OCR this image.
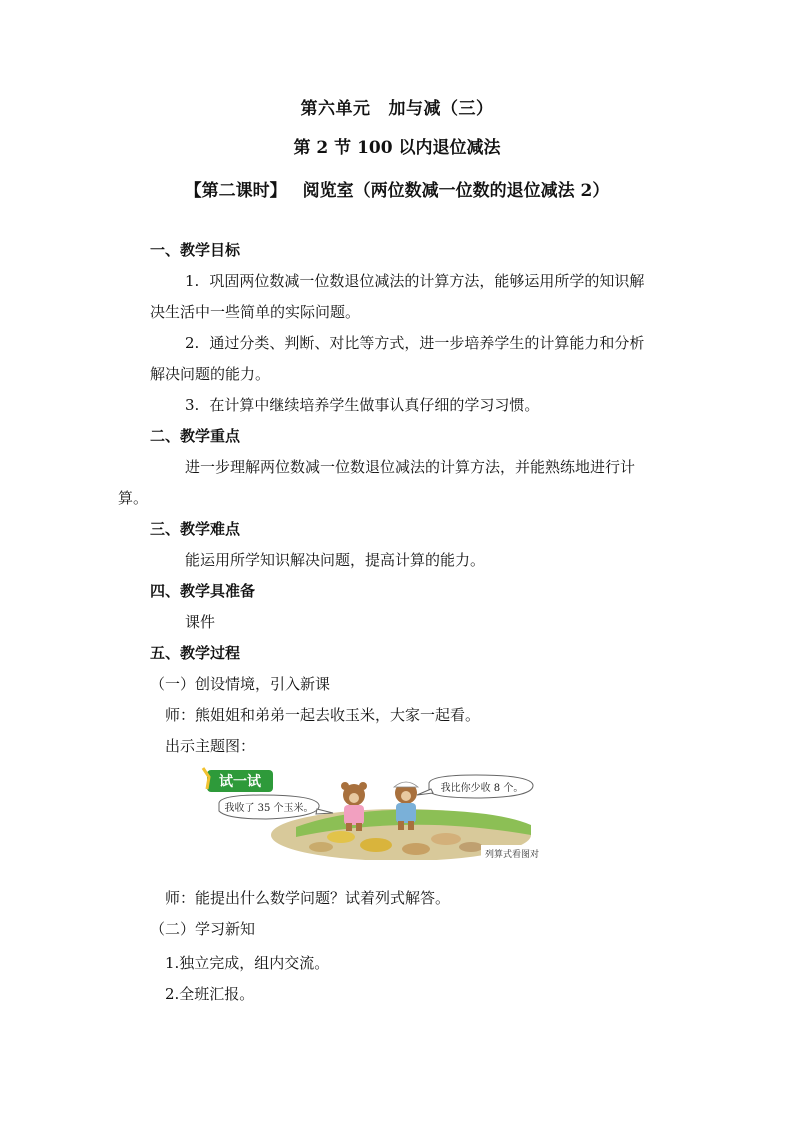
第六单元 加与减（三）
第 2 节 100 以内退位减法
【第二课时】 阅览室（两位数减一位数的退位减法 2）
一、教学目标
1. 巩固两位数减一位数退位减法的计算方法，能够运用所学的知识解
决生活中一些简单的实际问题。
2. 通过分类、判断、对比等方式，进一步培养学生的计算能力和分析
解决问题的能力。
3. 在计算中继续培养学生做事认真仔细的学习习惯。
二、教学重点
进一步理解两位数减一位数退位减法的计算方法，并能熟练地进行计
算。
三、教学难点
能运用所学知识解决问题，提高计算的能力。
四、教学具准备
课件
五、教学过程
（一）创设情境，引入新课
师：熊姐姐和弟弟一起去收玉米，大家一起看。
出示主题图：
试一试
我收了 35 个玉米。
我比你少收 8 个。
列算式看图对
师：能提出什么数学问题？试着列式解答。
（二）学习新知
1.独立完成，组内交流。
2.全班汇报。
